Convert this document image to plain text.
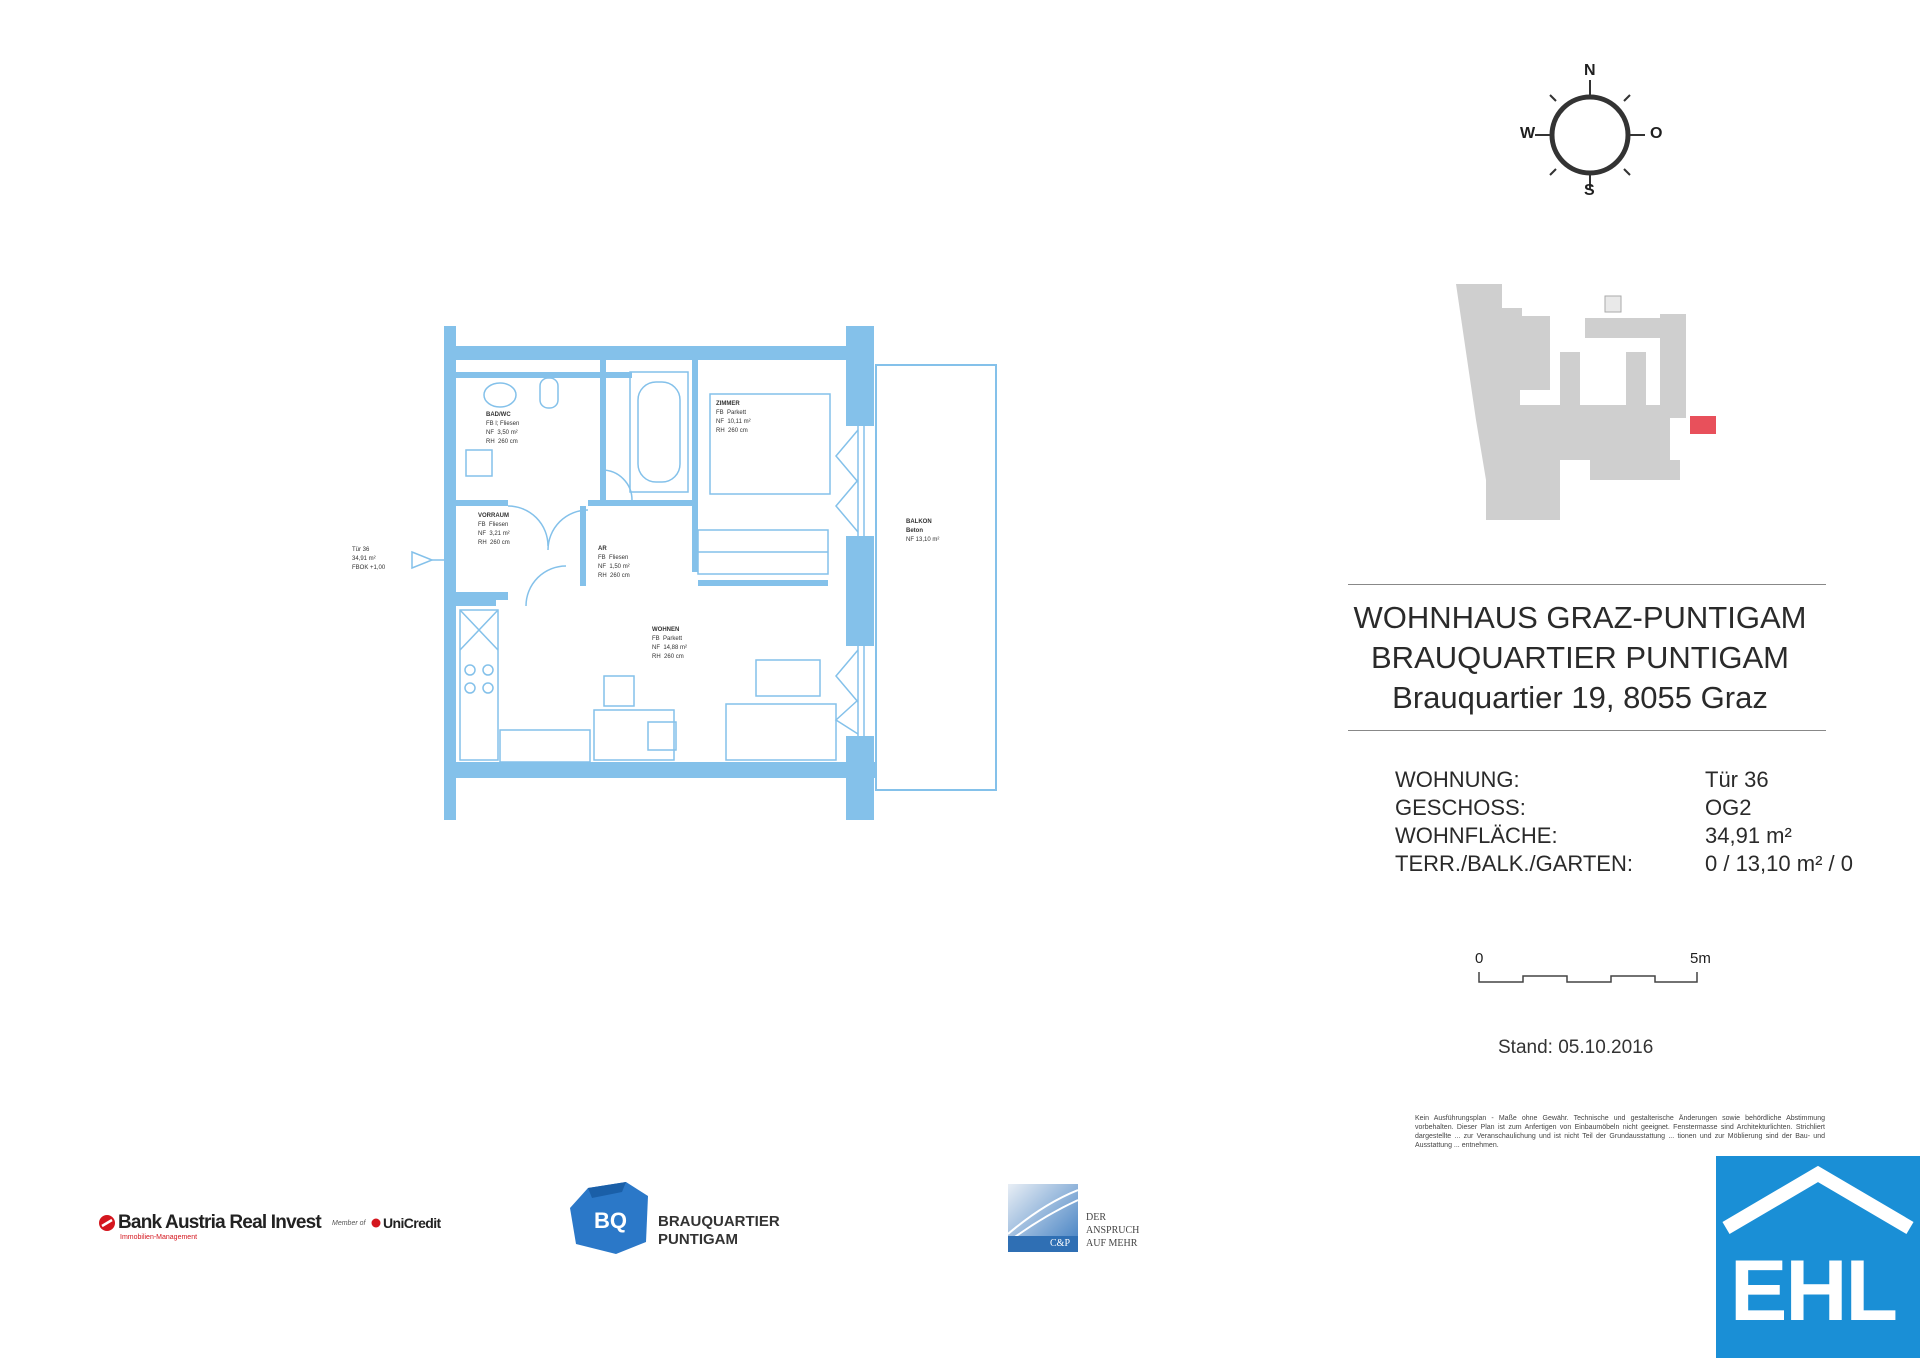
N
W	O
S
WOHNHAUS GRAZ-PUNTIGAM
BRAUQUARTIER PUNTIGAM
Brauquartier 19, 8055 Graz
WOHNUNG:	Tür 36
GESCHOSS:	OG2
WOHNFLÄCHE:	34,91 m²
TERR./BALK./GARTEN:	0 / 13,10 m² / 0
0	5m
Stand: 05.10.2016
Kein Ausführungsplan - Maße ohne Gewähr. Technische und gestalterische Änderungen sowie behördliche Abstimmung vorbehalten. Dieser Plan ist zum Anfertigen von Einbaumöbeln nicht geeignet. Fenstermasse sind Architekturlichten. Strichliert dargestellte ... zur Veranschaulichung und ist nicht Teil der Grundausstattung ... tionen und zur Möblierung sind der Bau- und Ausstattung ... entnehmen.
BAD/WC
FB l; Fliesen
NF 3,50 m²
RH 260 cm
ZIMMER
FB Parkett
NF 10,11 m²
RH 260 cm
VORRAUM
FB Fliesen
NF 3,21 m²
RH 260 cm
AR
FB Fliesen
NF 1,50 m²
RH 260 cm
WOHNEN
FB Parkett
NF 14,88 m²
RH 260 cm
BALKON
Beton
NF 13,10 m²
Tür 36
34,91 m²
FBOK +1,00
Bank Austria Real Invest
Immobilien-Management
Member of UniCredit	BQ BRAUQUARTIER
PUNTIGAM	C&P
DER
ANSPRUCH
AUF MEHR	EHL
